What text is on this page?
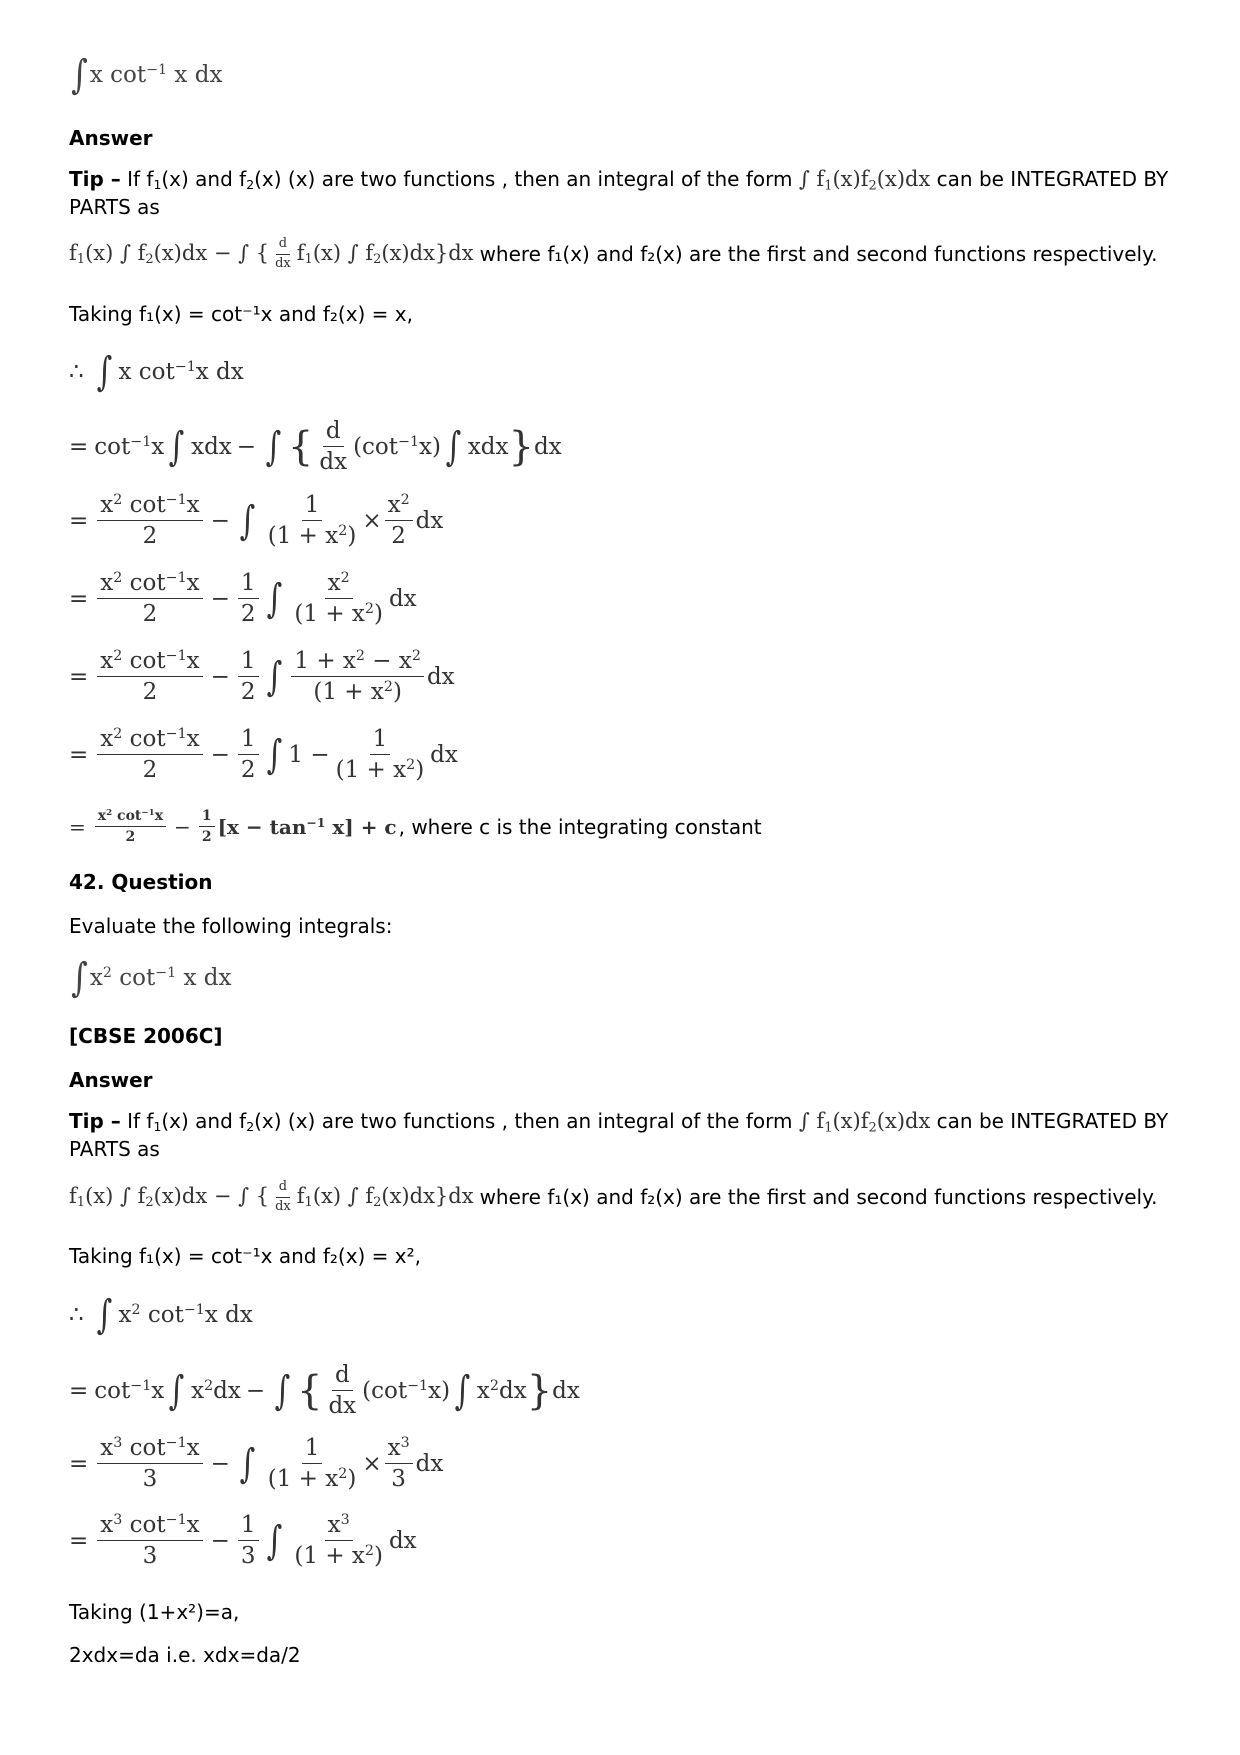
∫ x $\cot^{-1} x$ dx
Answer
Tip – If $f_1(x)$ and $f_2(x)$ (x) are two functions , then an integral of the form ∫ $f_1(x)f_2(x)dx$ can be INTEGRATED BY
PARTS as
$f_1(x)$ ∫ $f_2(x)dx$ − ∫ { $\frac{d}{dx} f_1(x)$ ∫ $f_2(x)dx\}dx$ where f₁(x) and f₂(x) are the first and second functions respectively.
Taking f₁(x) = cot⁻¹x and f₂(x) = x,
∴ ∫ x $\cot^{-1}x$ dx
= $\cot^{-1}x$ ∫ xdx − ∫ { $\frac{d}{dx} (\cot^{-1}x)$ ∫ xdx } dx
= $\frac{x^2 \cot^{-1}x}{2}$ − ∫ $\frac{1}{(1 + x^2)} \times \frac{x^2}{2}$ dx
= $\frac{x^2 \cot^{-1}x}{2} - \frac{1}{2}$ ∫ $\frac{x^2}{(1 + x^2)}$ dx
= $\frac{x^2 \cot^{-1}x}{2} - \frac{1}{2}$ ∫ $\frac{1 + x^2 - x^2}{(1 + x^2)}$ dx
= $\frac{x^2 \cot^{-1}x}{2} - \frac{1}{2}$ ∫ $1 - \frac{1}{(1 + x^2)}$ dx
= $\frac{x^2 \cot^{-1}x}{2} - \frac{1}{2} [x - \tan^{-1} x] + c$ , where c is the integrating constant
42. Question
Evaluate the following integrals:
∫ $x^2$ $\cot^{-1} x$ dx
[CBSE 2006C]
Answer
Tip – If $f_1(x)$ and $f_2(x)$ (x) are two functions , then an integral of the form ∫ $f_1(x)f_2(x)dx$ can be INTEGRATED BY
PARTS as
$f_1(x)$ ∫ $f_2(x)dx$ − ∫ { $\frac{d}{dx} f_1(x)$ ∫ $f_2(x)dx\}dx$ where f₁(x) and f₂(x) are the first and second functions respectively.
Taking f₁(x) = cot⁻¹x and f₂(x) = x²,
∴ ∫ $x^2$ $\cot^{-1}x$ dx
= $\cot^{-1}x$ ∫ $x^2dx$ − ∫ { $\frac{d}{dx} (\cot^{-1}x)$ ∫ $x^2dx$ } dx
= $\frac{x^3 \cot^{-1}x}{3}$ − ∫ $\frac{1}{(1 + x^2)} \times \frac{x^3}{3}$ dx
= $\frac{x^3 \cot^{-1}x}{3} - \frac{1}{3}$ ∫ $\frac{x^3}{(1 + x^2)}$ dx
Taking (1+x²)=a,
2xdx=da i.e. xdx=da/2
